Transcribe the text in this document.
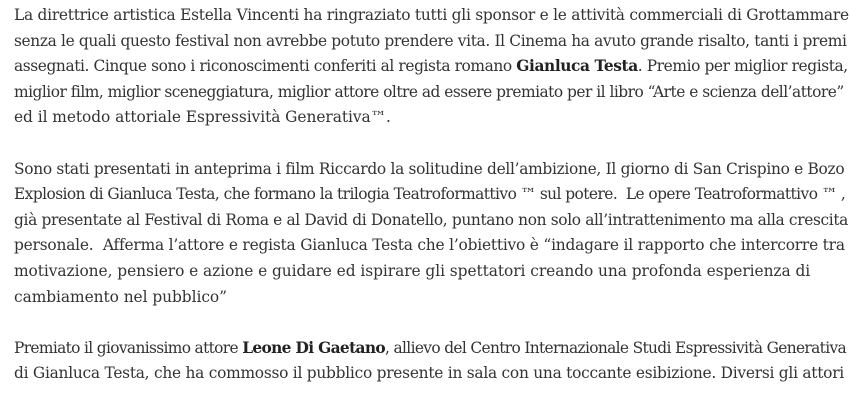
La direttrice artistica Estella Vincenti ha ringraziato tutti gli sponsor e le attività commerciali di Grottammare
senza le quali questo festival non avrebbe potuto prendere vita. Il Cinema ha avuto grande risalto, tanti i premi
assegnati. Cinque sono i riconoscimenti conferiti al regista romano Gianluca Testa. Premio per miglior regista,
miglior film, miglior sceneggiatura, miglior attore oltre ad essere premiato per il libro “Arte e scienza dell’attore”
ed il metodo attoriale Espressività Generativa™.

Sono stati presentati in anteprima i film Riccardo la solitudine dell’ambizione, Il giorno di San Crispino e Bozo
Explosion di Gianluca Testa, che formano la trilogia Teatroformattivo ™ sul potere.  Le opere Teatroformattivo ™ ,
già presentate al Festival di Roma e al David di Donatello, puntano non solo all’intrattenimento ma alla crescita
personale.  Afferma l’attore e regista Gianluca Testa che l’obiettivo è “indagare il rapporto che intercorre tra
motivazione, pensiero e azione e guidare ed ispirare gli spettatori creando una profonda esperienza di
cambiamento nel pubblico”

Premiato il giovanissimo attore Leone Di Gaetano, allievo del Centro Internazionale Studi Espressività Generativa
di Gianluca Testa, che ha commosso il pubblico presente in sala con una toccante esibizione. Diversi gli attori
